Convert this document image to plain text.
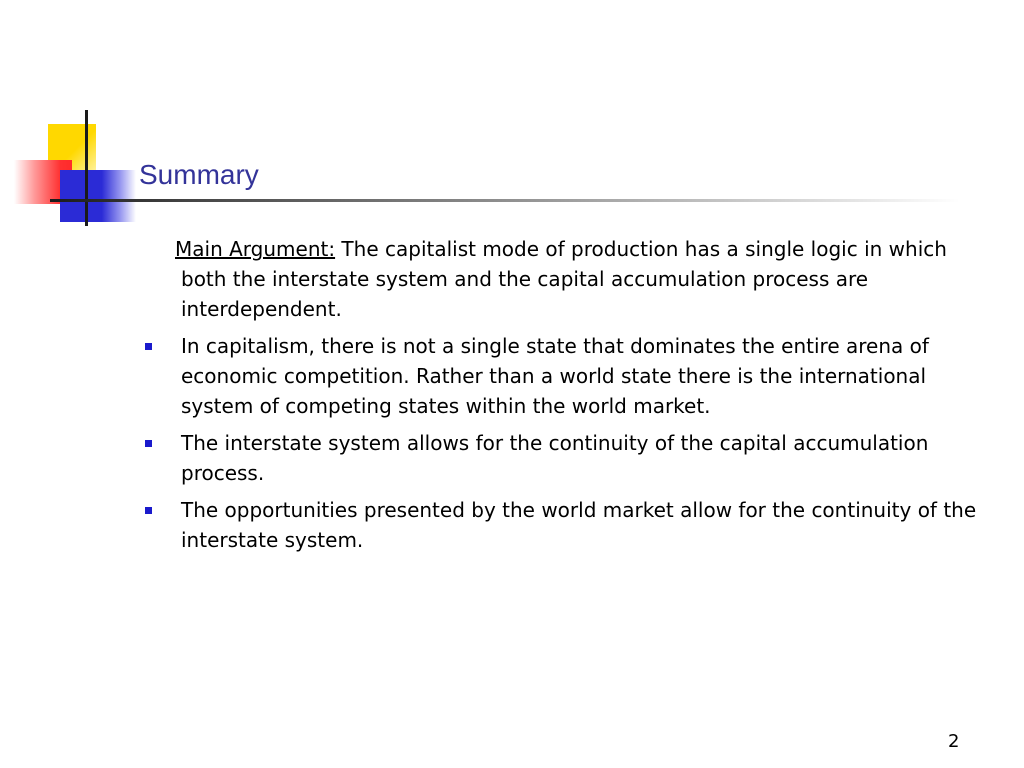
Summary

Main Argument: The capitalist mode of production has a single logic in which both the interstate system and the capital accumulation process are interdependent.

In capitalism, there is not a single state that dominates the entire arena of economic competition. Rather than a world state there is the international system of competing states within the world market.
The interstate system allows for the continuity of the capital accumulation process.
The opportunities presented by the world market allow for the continuity of the interstate system.
2
